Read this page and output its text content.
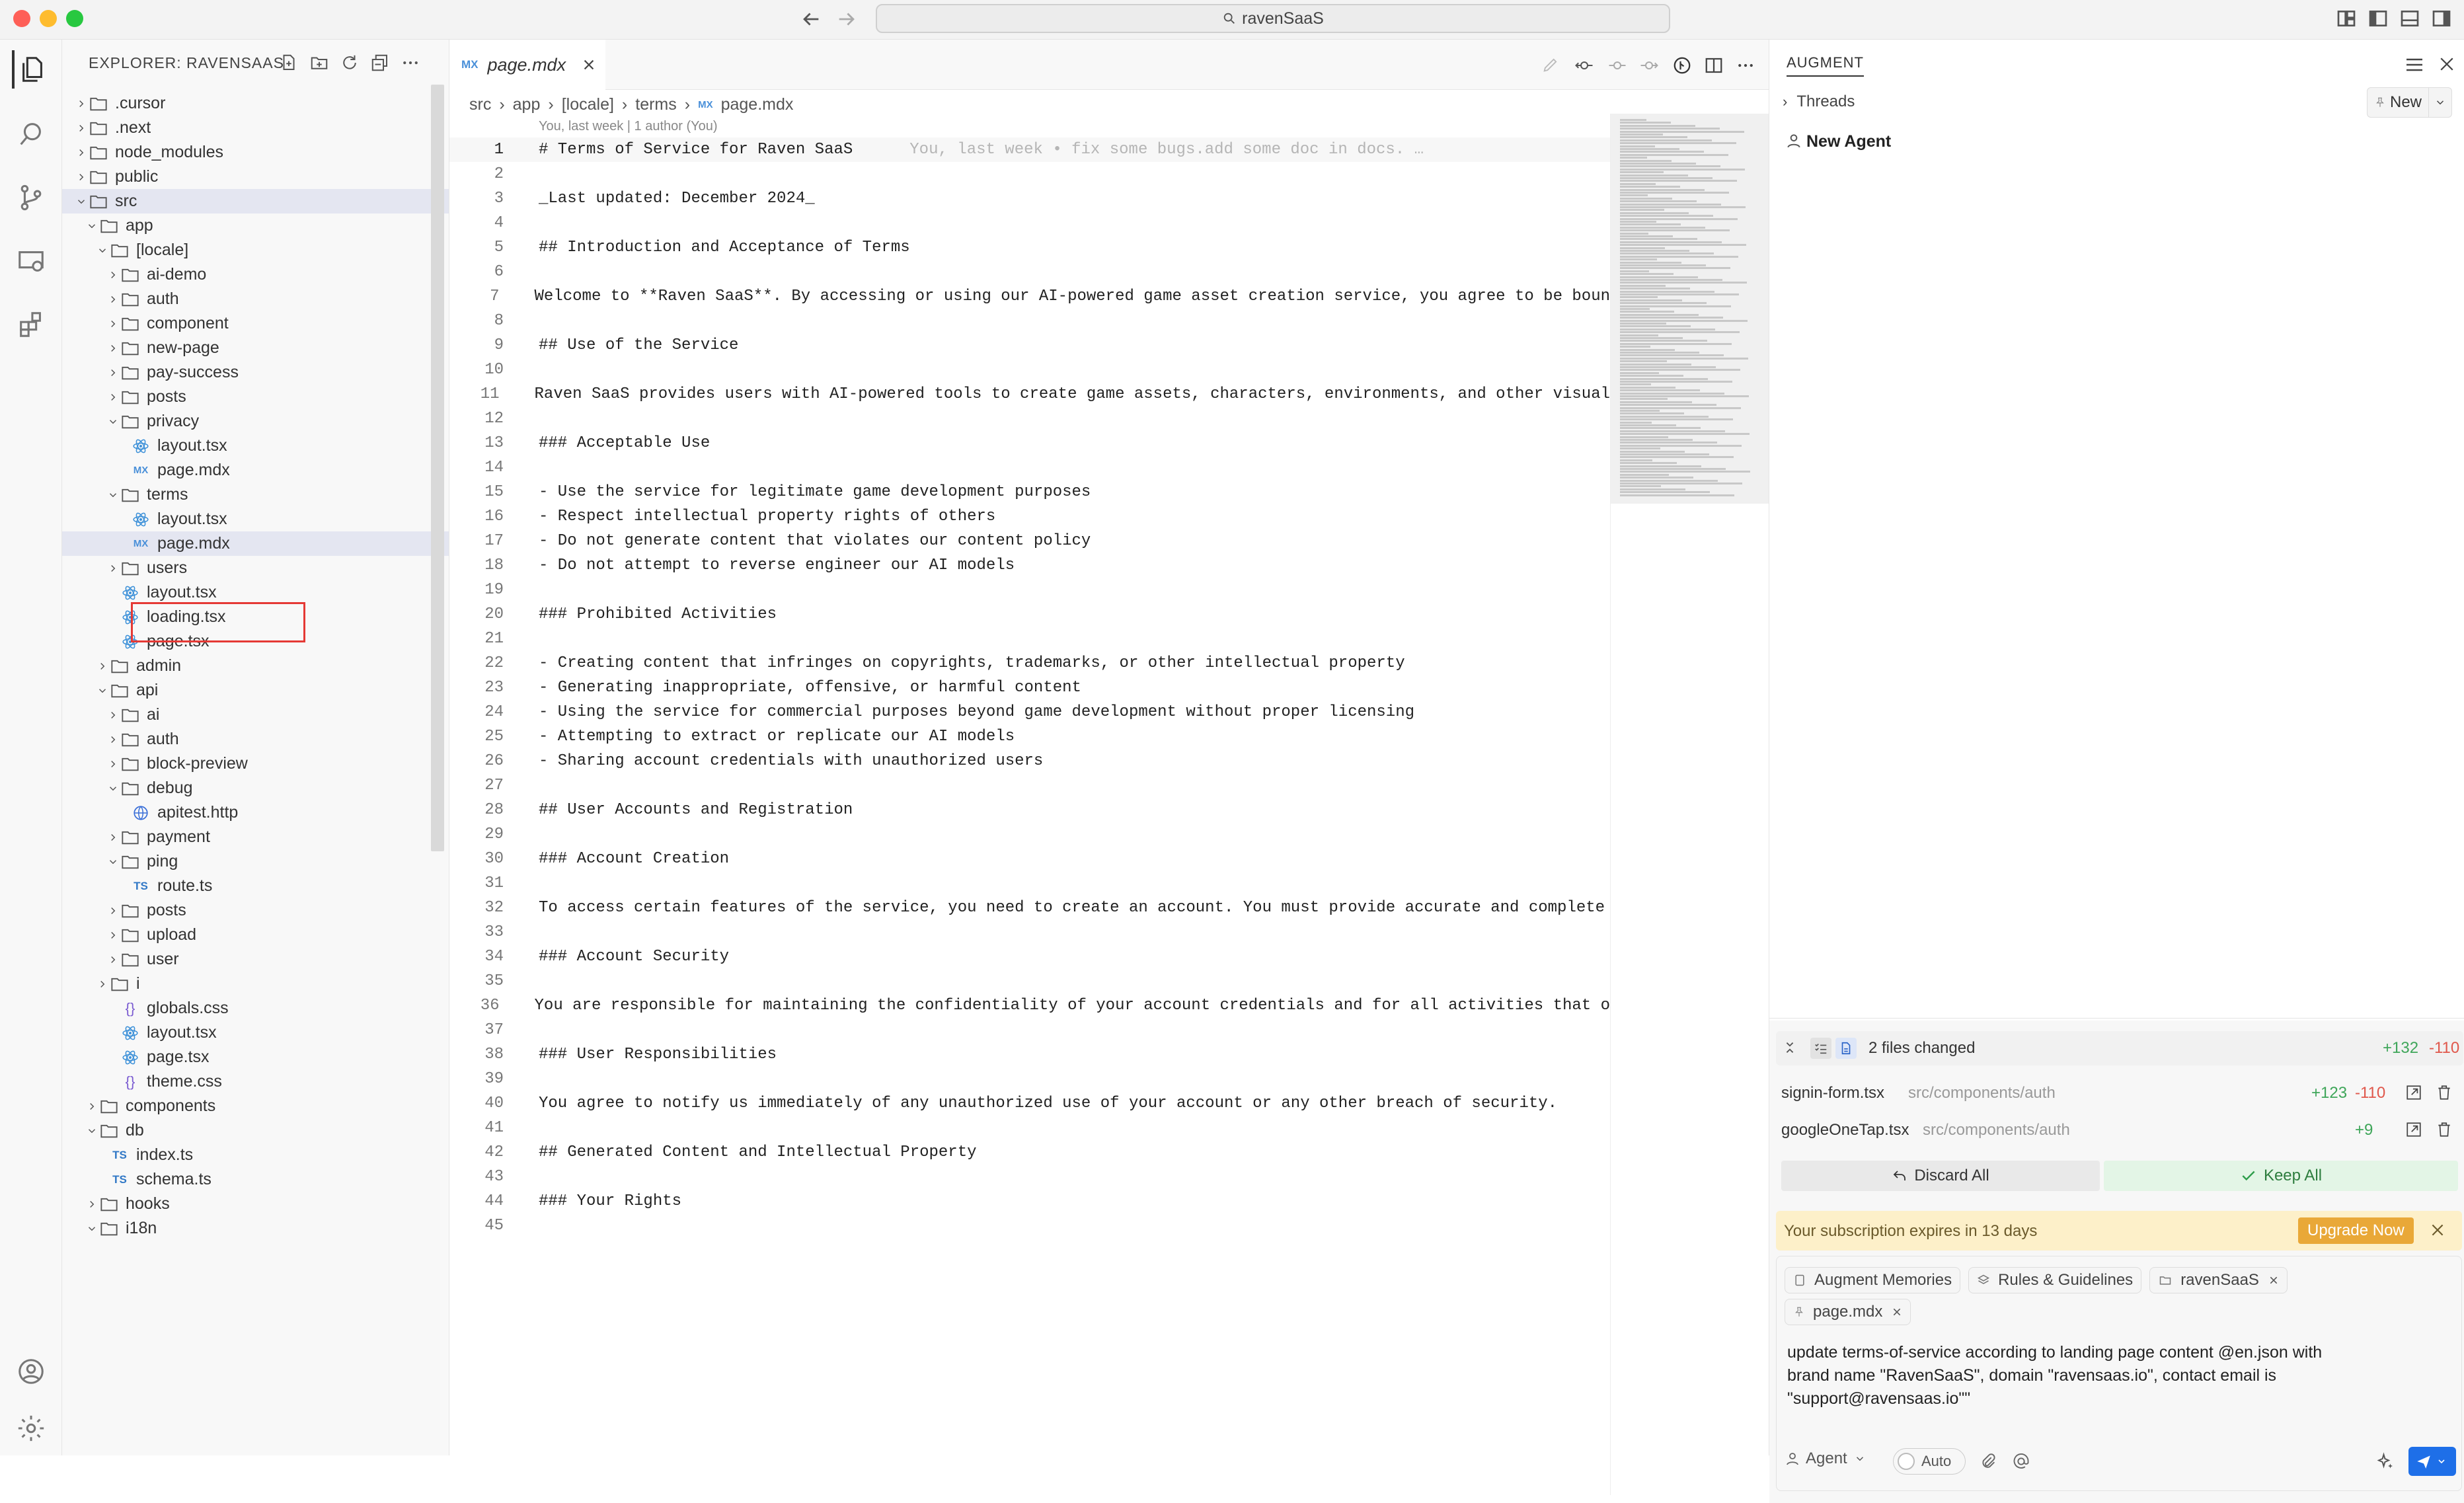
ravenSaaS
EXPLORER: RAVENSAAS
.cursor
.next
node_modules
public
src
app
[locale]
ai-demo
auth
component
new-page
pay-success
posts
privacy
layout.tsx
MX page.mdx
terms
layout.tsx
MX page.mdx
users
layout.tsx
loading.tsx
page.tsx
admin
api
ai
auth
block-preview
debug
apitest.http
payment
ping
TS route.ts
posts
upload
user
i
{} globals.css
layout.tsx
page.tsx
{} theme.css
components
db
TS index.ts
TS schema.ts
hooks
i18n
MX page.mdx
src › app › [locale] › terms › MX page.mdx
You, last week | 1 author (You)
1 # Terms of Service for Raven SaaS	You, last week • fix some bugs.add some doc in docs. …
2
3 _Last updated: December 2024_
4
5 ## Introduction and Acceptance of Terms
6
7 Welcome to **Raven SaaS**. By accessing or using our AI-powered game asset creation service, you agree to be boun
8
9 ## Use of the Service
10
11 Raven SaaS provides users with AI-powered tools to create game assets, characters, environments, and other visual
12
13 ### Acceptable Use
14
15 - Use the service for legitimate game development purposes
16 - Respect intellectual property rights of others
17 - Do not generate content that violates our content policy
18 - Do not attempt to reverse engineer our AI models
19
20 ### Prohibited Activities
21
22 - Creating content that infringes on copyrights, trademarks, or other intellectual property
23 - Generating inappropriate, offensive, or harmful content
24 - Using the service for commercial purposes beyond game development without proper licensing
25 - Attempting to extract or replicate our AI models
26 - Sharing account credentials with unauthorized users
27
28 ## User Accounts and Registration
29
30 ### Account Creation
31
32 To access certain features of the service, you need to create an account. You must provide accurate and complete
33
34 ### Account Security
35
36 You are responsible for maintaining the confidentiality of your account credentials and for all activities that o
37
38 ### User Responsibilities
39
40 You agree to notify us immediately of any unauthorized use of your account or any other breach of security.
41
42 ## Generated Content and Intellectual Property
43
44 ### Your Rights
45
AUGMENT
› Threads	New
New Agent
2 files changed	+132 -110
signin-form.tsx src/components/auth	+123 -110
googleOneTap.tsx src/components/auth	+9
Discard All	Keep All
Your subscription expires in 13 days	Upgrade Now
Augment Memories	Rules & Guidelines	ravenSaaS
page.mdx
update terms-of-service according to landing page content @en.json with brand name "RavenSaaS", domain "ravensaas.io", contact email is "support@ravensaas.io""
Agent	Auto
